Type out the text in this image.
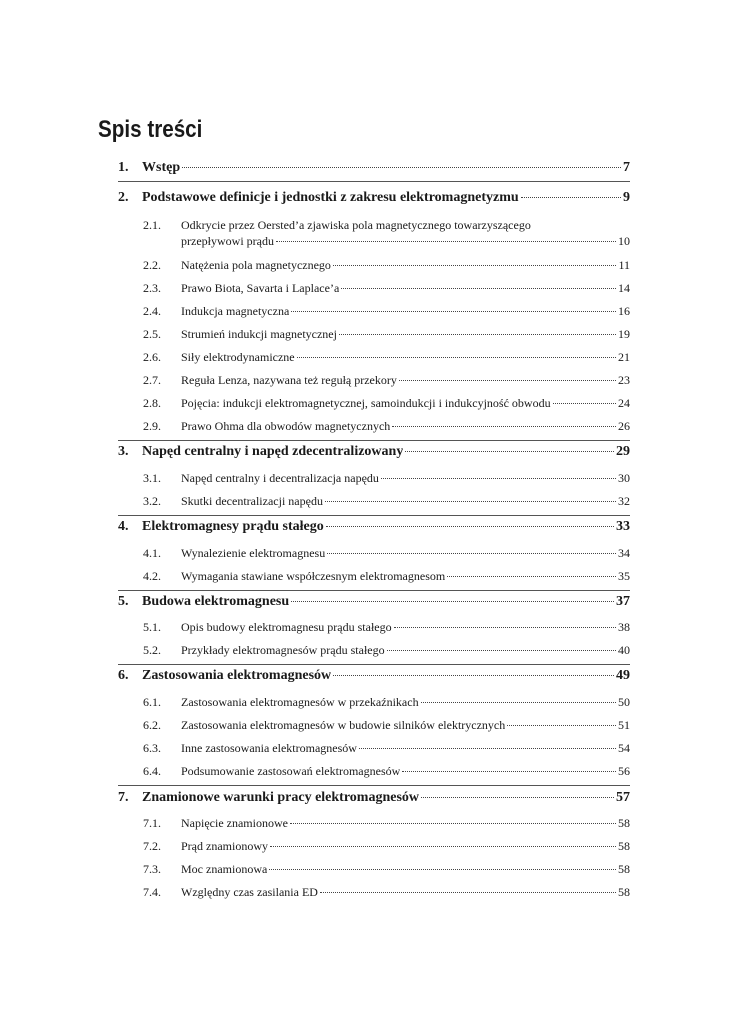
Spis treści
1. Wstęp	7
2. Podstawowe definicje i jednostki z zakresu elektromagnetyzmu	9
2.1. Odkrycie przez Oersted’a zjawiska pola magnetycznego towarzyszącego
przepływowi prądu	10
2.2.	Natężenia pola magnetycznego	11
2.3.	Prawo Biota, Savarta i Laplace’a	14
2.4.	Indukcja magnetyczna	16
2.5.	Strumień indukcji magnetycznej	19
2.6.	Siły elektrodynamiczne	21
2.7.	Reguła Lenza, nazywana też regułą przekory	23
2.8.	Pojęcia: indukcji elektromagnetycznej, samoindukcji i indukcyjność obwodu	24
2.9.	Prawo Ohma dla obwodów magnetycznych	26
3. Napęd centralny i napęd zdecentralizowany	29
3.1.	Napęd centralny i decentralizacja napędu	30
3.2.	Skutki decentralizacji napędu	32
4. Elektromagnesy prądu stałego	33
4.1.	Wynalezienie elektromagnesu	34
4.2.	Wymagania stawiane współczesnym elektromagnesom	35
5. Budowa elektromagnesu	37
5.1.	Opis budowy elektromagnesu prądu stałego	38
5.2.	Przykłady elektromagnesów prądu stałego	40
6. Zastosowania elektromagnesów	49
6.1.	Zastosowania elektromagnesów w przekaźnikach	50
6.2.	Zastosowania elektromagnesów w budowie silników elektrycznych	51
6.3.	Inne zastosowania elektromagnesów	54
6.4.	Podsumowanie zastosowań elektromagnesów	56
7. Znamionowe warunki pracy elektromagnesów	57
7.1.	Napięcie znamionowe	58
7.2.	Prąd znamionowy	58
7.3.	Moc znamionowa	58
7.4.	Względny czas zasilania ED	58
